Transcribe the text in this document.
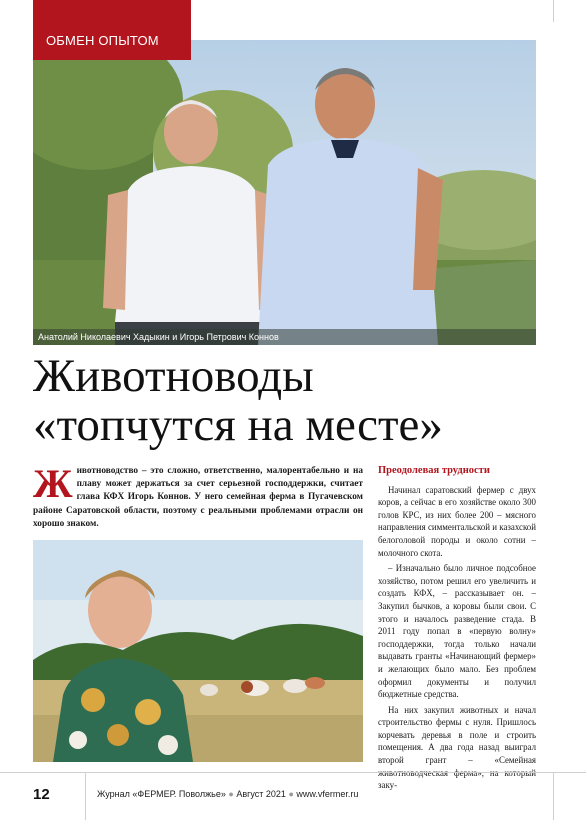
ОБМЕН ОПЫТОМ
Анатолий Николаевич Хадыкин и Игорь Петрович Коннов
Животноводы
«топчутся на месте»
Ж ивотноводство – это сложно, ответственно, малорентабельно и на плаву может держаться за счет серьезной господдержки, считает глава КФХ Игорь Коннов. У него семейная ферма в Пугачевском районе Саратовской области, поэтому с реальными проблемами отрасли он хорошо знаком.
Преодолевая трудности

Начинал саратовский фермер с двух коров, а сейчас в его хозяйстве около 300 голов КРС, из них более 200 – мясного направления симментальской и казахской белоголовой породы и около сотни – молочного скота.

– Изначально было личное подсобное хозяйство, потом решил его увеличить и создать КФХ, – рассказывает он. – Закупил бычков, а коровы были свои. С этого и началось разведение стада. В 2011 году попал в «первую волну» господдержки, тогда только начали выдавать гранты «Начинающий фермер» и желающих было мало. Без проблем оформил документы и получил бюджетные средства.

На них закупил животных и начал строительство фермы с нуля. Пришлось корчевать деревья в поле и строить помещения. А два года назад выиграл второй грант – «Семейная заку-

12	Журнал «ФЕРМЕР. Поволжье» ● Август 2021 ● www.vfermer.ru
